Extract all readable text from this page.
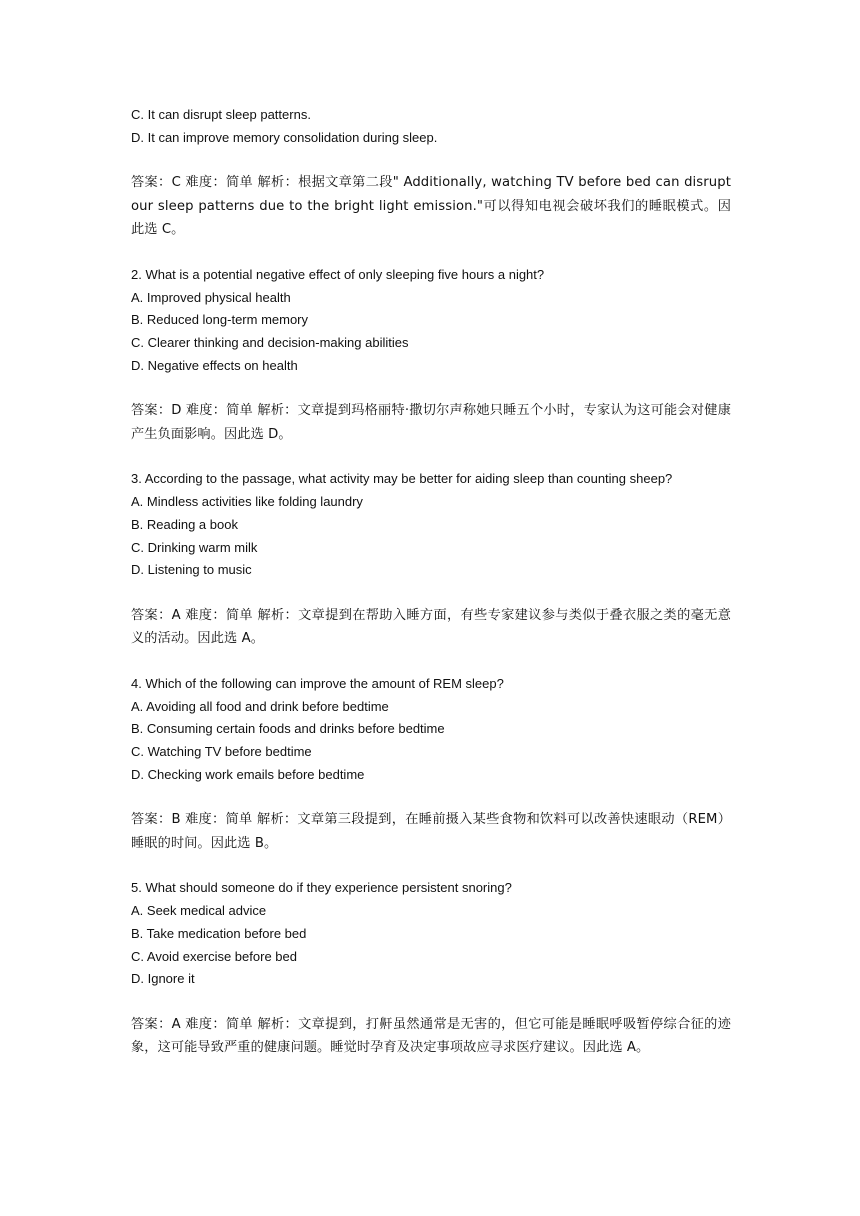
C. It can disrupt sleep patterns.
D. It can improve memory consolidation during sleep.

答案：C 难度：简单 解析：根据文章第二段" Additionally, watching TV before bed can disrupt our sleep patterns due to the bright light emission."可以得知电视会破坏我们的睡眠模式。因此选 C。

2. What is a potential negative effect of only sleeping five hours a night?
A. Improved physical health
B. Reduced long-term memory
C. Clearer thinking and decision-making abilities
D. Negative effects on health

答案：D 难度：简单 解析：文章提到玛格丽特·撒切尔声称她只睡五个小时，专家认为这可能会对健康产生负面影响。因此选 D。

3. According to the passage, what activity may be better for aiding sleep than counting sheep?
A. Mindless activities like folding laundry
B. Reading a book
C. Drinking warm milk
D. Listening to music

答案：A 难度：简单 解析：文章提到在帮助入睡方面，有些专家建议参与类似于叠衣服之类的毫无意义的活动。因此选 A。

4. Which of the following can improve the amount of REM sleep?
A. Avoiding all food and drink before bedtime
B. Consuming certain foods and drinks before bedtime
C. Watching TV before bedtime
D. Checking work emails before bedtime

答案：B 难度：简单 解析：文章第三段提到，在睡前摄入某些食物和饮料可以改善快速眼动（REM）睡眠的时间。因此选 B。

5. What should someone do if they experience persistent snoring?
A. Seek medical advice
B. Take medication before bed
C. Avoid exercise before bed
D. Ignore it

答案：A 难度：简单 解析：文章提到，打鼾虽然通常是无害的，但它可能是睡眠呼吸暂停综合征的迹象，这可能导致严重的健康问题。睡觉时孕育及决定事项故应寻求医疗建议。因此选 A。
